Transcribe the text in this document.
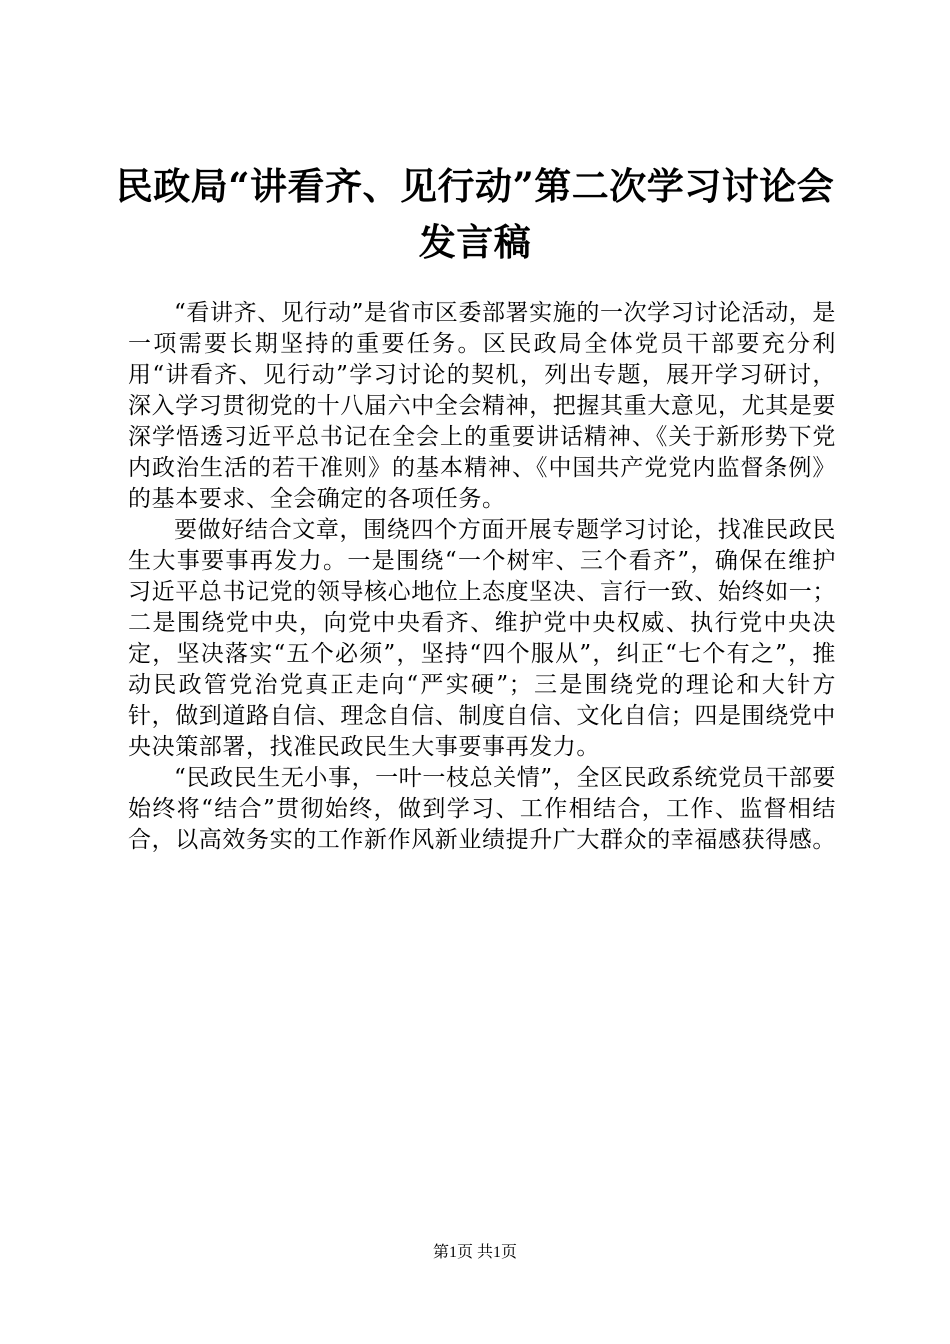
民政局“讲看齐、见行动”第二次学习讨论会
发言稿

“看讲齐、见行动”是省市区委部署实施的一次学习讨论活动，是一项需要长期坚持的重要任务。区民政局全体党员干部要充分利用“讲看齐、见行动”学习讨论的契机，列出专题，展开学习研讨，深入学习贯彻党的十八届六中全会精神，把握其重大意见，尤其是要深学悟透习近平总书记在全会上的重要讲话精神、《关于新形势下党内政治生活的若干准则》的基本精神、《中国共产党党内监督条例》的基本要求、全会确定的各项任务。

要做好结合文章，围绕四个方面开展专题学习讨论，找准民政民生大事要事再发力。一是围绕“一个树牢、三个看齐”，确保在维护习近平总书记党的领导核心地位上态度坚决、言行一致、始终如一；二是围绕党中央，向党中央看齐、维护党中央权威、执行党中央决定，坚决落实“五个必须”，坚持“四个服从”，纠正“七个有之”，推动民政管党治党真正走向“严实硬”；三是围绕党的理论和大针方针，做到道路自信、理念自信、制度自信、文化自信；四是围绕党中央决策部署，找准民政民生大事要事再发力。

“民政民生无小事，一叶一枝总关情”，全区民政系统党员干部要始终将“结合”贯彻始终，做到学习、工作相结合，工作、监督相结合，以高效务实的工作新作风新业绩提升广大群众的幸福感获得感。

第1页 共1页
